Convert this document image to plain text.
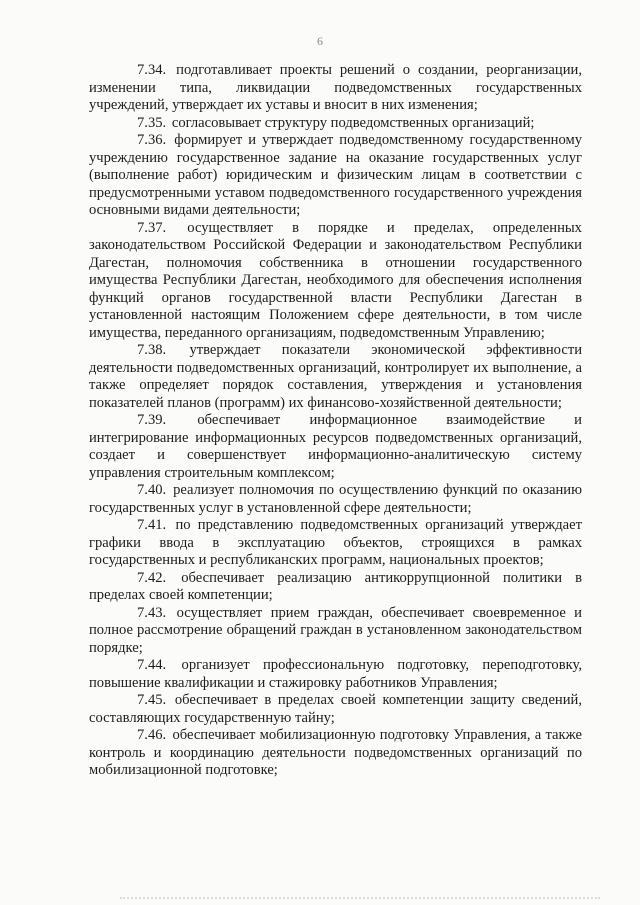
6

7.34. подготавливает проекты решений о создании, реорганизации, изменении типа, ликвидации подведомственных государственных учреждений, утверждает их уставы и вносит в них изменения;

7.35. согласовывает структуру подведомственных организаций;

7.36. формирует и утверждает подведомственному государственному учреждению государственное задание на оказание государственных услуг (выполнение работ) юридическим и физическим лицам в соответствии с предусмотренными уставом подведомственного государственного учреждения основными видами деятельности;

7.37. осуществляет в порядке и пределах, определенных законодательством Российской Федерации и законодательством Республики Дагестан, полномочия собственника в отношении государственного имущества Республики Дагестан, необходимого для обеспечения исполнения функций органов государственной власти Республики Дагестан в установленной настоящим Положением сфере деятельности, в том числе имущества, переданного организациям, подведомственным Управлению;

7.38. утверждает показатели экономической эффективности деятельности подведомственных организаций, контролирует их выполнение, а также определяет порядок составления, утверждения и установления показателей планов (программ) их финансово-хозяйственной деятельности;

7.39. обеспечивает информационное взаимодействие и интегрирование информационных ресурсов подведомственных организаций, создает и совершенствует информационно-аналитическую систему управления строительным комплексом;

7.40. реализует полномочия по осуществлению функций по оказанию государственных услуг в установленной сфере деятельности;

7.41. по представлению подведомственных организаций утверждает графики ввода в эксплуатацию объектов, строящихся в рамках государственных и республиканских программ, национальных проектов;

7.42. обеспечивает реализацию антикоррупционной политики в пределах своей компетенции;

7.43. осуществляет прием граждан, обеспечивает своевременное и полное рассмотрение обращений граждан в установленном законодательством порядке;

7.44. организует профессиональную подготовку, переподготовку, повышение квалификации и стажировку работников Управления;

7.45. обеспечивает в пределах своей компетенции защиту сведений, составляющих государственную тайну;

7.46. обеспечивает мобилизационную подготовку Управления, а также контроль и координацию деятельности подведомственных организаций по мобилизационной подготовке;
